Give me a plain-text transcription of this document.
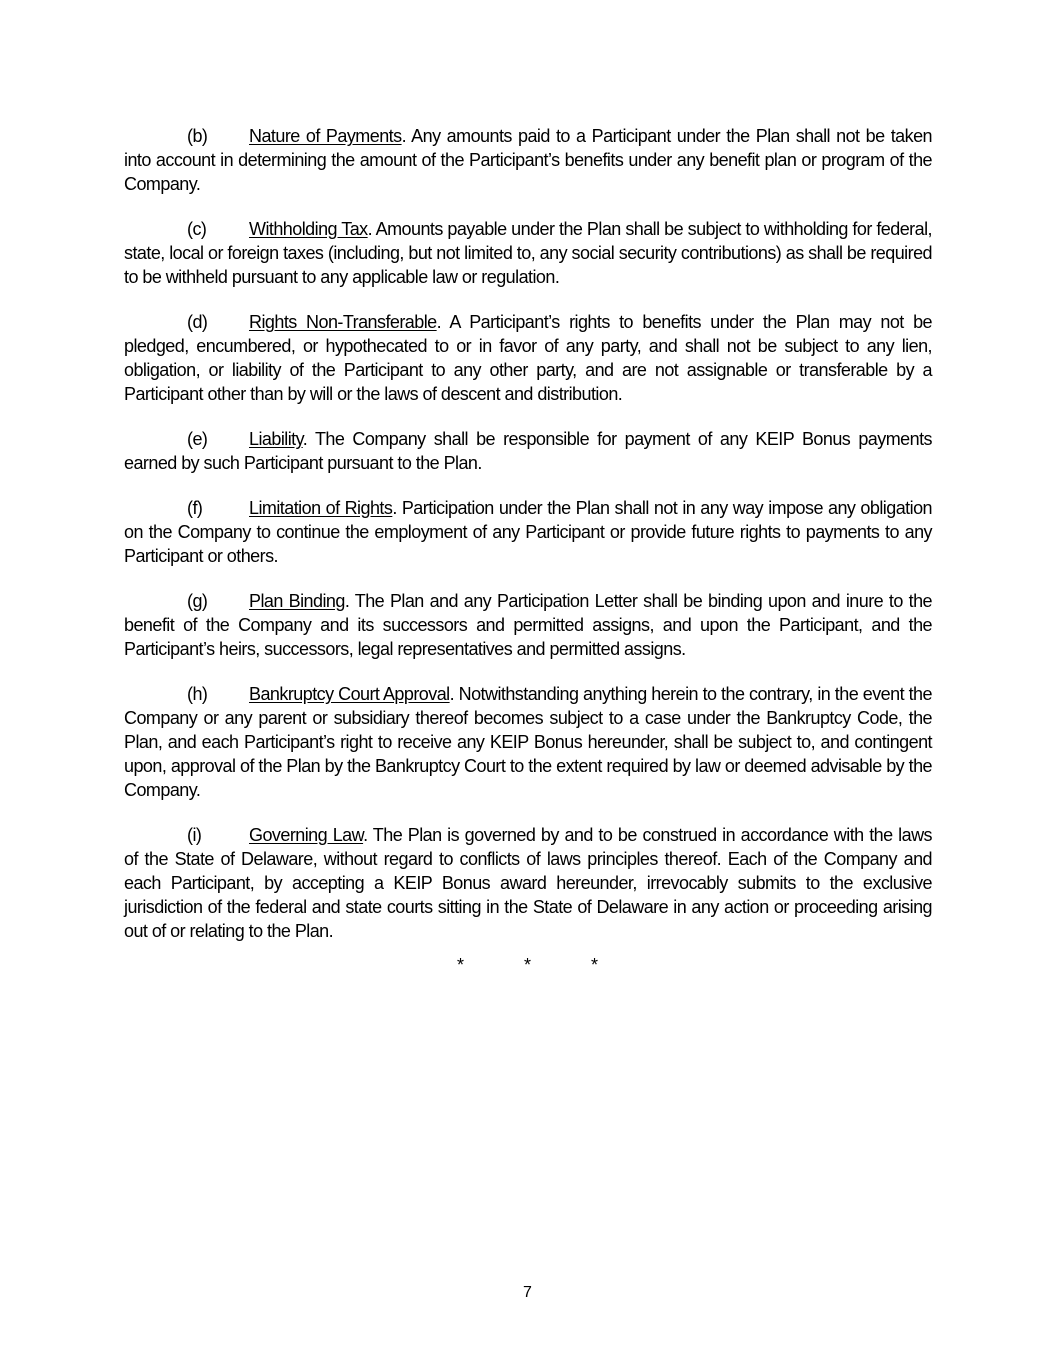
(b) Nature of Payments. Any amounts paid to a Participant under the Plan shall not be taken into account in determining the amount of the Participant’s benefits under any benefit plan or program of the Company.

(c) Withholding Tax. Amounts payable under the Plan shall be subject to withholding for federal, state, local or foreign taxes (including, but not limited to, any social security contributions) as shall be required to be withheld pursuant to any applicable law or regulation.

(d) Rights Non-Transferable. A Participant’s rights to benefits under the Plan may not be pledged, encumbered, or hypothecated to or in favor of any party, and shall not be subject to any lien, obligation, or liability of the Participant to any other party, and are not assignable or transferable by a Participant other than by will or the laws of descent and distribution.

(e) Liability. The Company shall be responsible for payment of any KEIP Bonus payments earned by such Participant pursuant to the Plan.

(f)	Limitation of Rights. Participation under the Plan shall not in any way impose any obligation on the Company to continue the employment of any Participant or provide future rights to payments to any Participant or others.

(g) Plan Binding. The Plan and any Participation Letter shall be binding upon and inure to the benefit of the Company and its successors and permitted assigns, and upon the Participant, and the Participant’s heirs, successors, legal representatives and permitted assigns.

(h) Bankruptcy Court Approval. Notwithstanding anything herein to the contrary, in the event the Company or any parent or subsidiary thereof becomes subject to a case under the Bankruptcy Code, the Plan, and each Participant’s right to receive any KEIP Bonus hereunder, shall be subject to, and contingent upon, approval of the Plan by the Bankruptcy Court to the extent required by law or deemed advisable by the Company.

(i)	Governing Law. The Plan is governed by and to be construed in accordance with the laws of the State of Delaware, without regard to conflicts of laws principles thereof. Each of the Company and each Participant, by accepting a KEIP Bonus award hereunder, irrevocably submits to the exclusive jurisdiction of the federal and state courts sitting in the State of Delaware in any action or proceeding arising out of or relating to the Plan.

*	*	*
7
